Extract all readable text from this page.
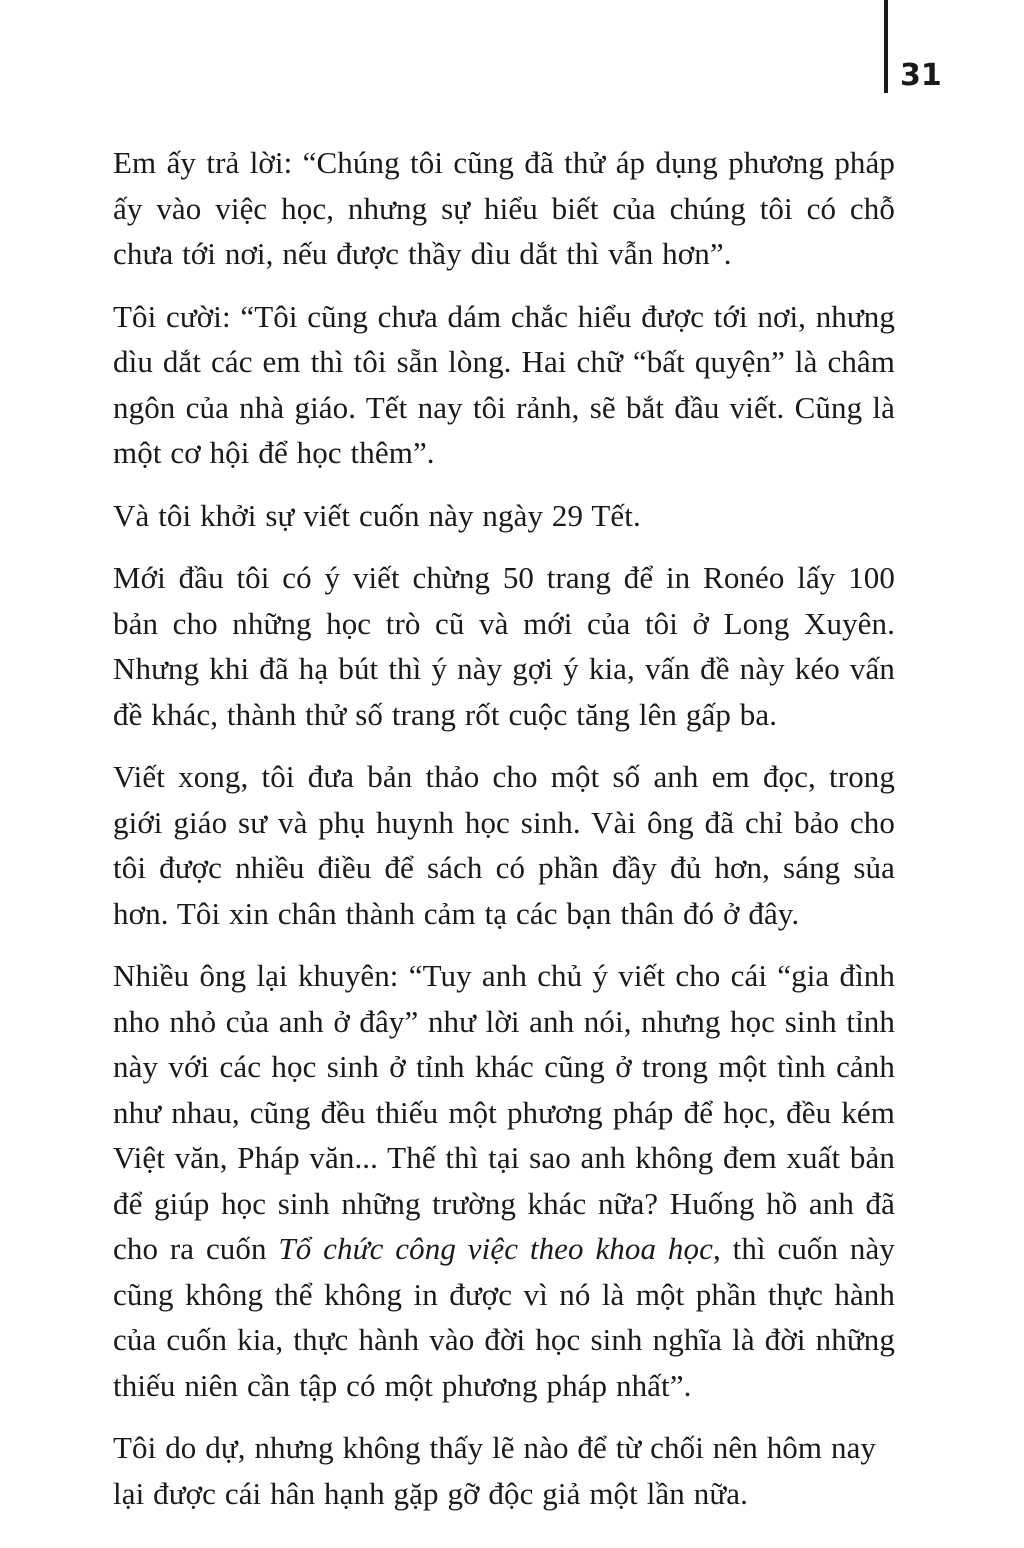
31

Em ấy trả lời: “Chúng tôi cũng đã thử áp dụng phương pháp ấy vào việc học, nhưng sự hiểu biết của chúng tôi có chỗ chưa tới nơi, nếu được thầy dìu dắt thì vẫn hơn”.

Tôi cười: “Tôi cũng chưa dám chắc hiểu được tới nơi, nhưng dìu dắt các em thì tôi sẵn lòng. Hai chữ “bất quyện” là châm ngôn của nhà giáo. Tết nay tôi rảnh, sẽ bắt đầu viết. Cũng là một cơ hội để học thêm”.

Và tôi khởi sự viết cuốn này ngày 29 Tết.

Mới đầu tôi có ý viết chừng 50 trang để in Ronéo lấy 100 bản cho những học trò cũ và mới của tôi ở Long Xuyên. Nhưng khi đã hạ bút thì ý này gợi ý kia, vấn đề này kéo vấn đề khác, thành thử số trang rốt cuộc tăng lên gấp ba.

Viết xong, tôi đưa bản thảo cho một số anh em đọc, trong giới giáo sư và phụ huynh học sinh. Vài ông đã chỉ bảo cho tôi được nhiều điều để sách có phần đầy đủ hơn, sáng sủa hơn. Tôi xin chân thành cảm tạ các bạn thân đó ở đây.

Nhiều ông lại khuyên: “Tuy anh chủ ý viết cho cái “gia đình nho nhỏ của anh ở đây” như lời anh nói, nhưng học sinh tỉnh này với các học sinh ở tỉnh khác cũng ở trong một tình cảnh như nhau, cũng đều thiếu một phương pháp để học, đều kém Việt văn, Pháp văn... Thế thì tại sao anh không đem xuất bản để giúp học sinh những trường khác nữa? Huống hồ anh đã cho ra cuốn Tổ chức công việc theo khoa học, thì cuốn này cũng không thể không in được vì nó là một phần thực hành của cuốn kia, thực hành vào đời học sinh nghĩa là đời những thiếu niên cần tập có một phương pháp nhất”.

Tôi do dự, nhưng không thấy lẽ nào để từ chối nên hôm nay lại được cái hân hạnh gặp gỡ độc giả một lần nữa.
